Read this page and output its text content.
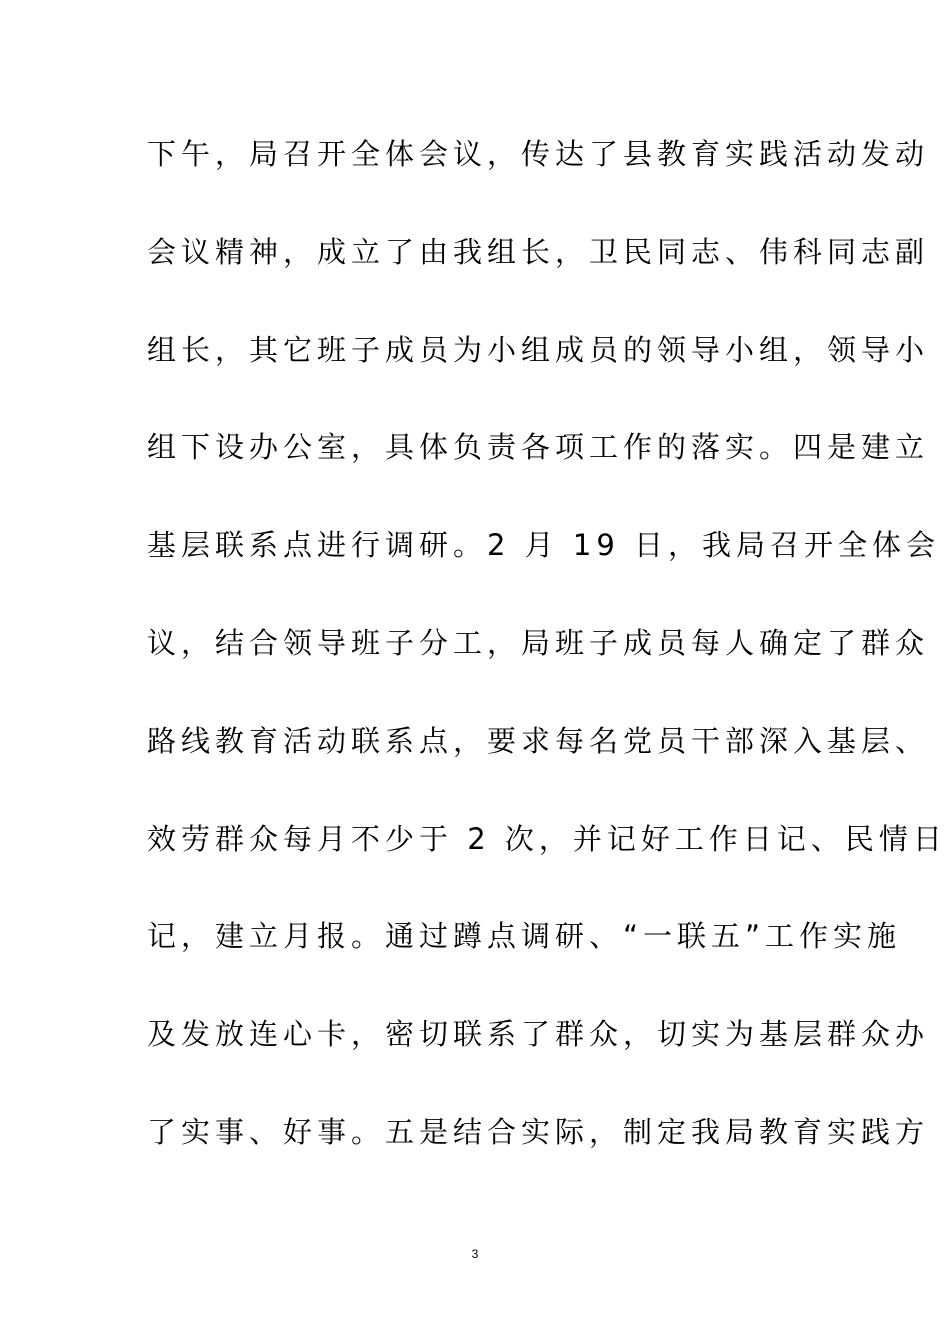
下午，局召开全体会议，传达了县教育实践活动发动
会议精神，成立了由我组长，卫民同志、伟科同志副
组长，其它班子成员为小组成员的领导小组，领导小
组下设办公室，具体负责各项工作的落实。四是建立
基层联系点进行调研。2 月 19 日，我局召开全体会
议，结合领导班子分工，局班子成员每人确定了群众
路线教育活动联系点，要求每名党员干部深入基层、
效劳群众每月不少于 2 次，并记好工作日记、民情日
记，建立月报。通过蹲点调研、“一联五”工作实施
及发放连心卡，密切联系了群众，切实为基层群众办
了实事、好事。五是结合实际，制定我局教育实践方
3
